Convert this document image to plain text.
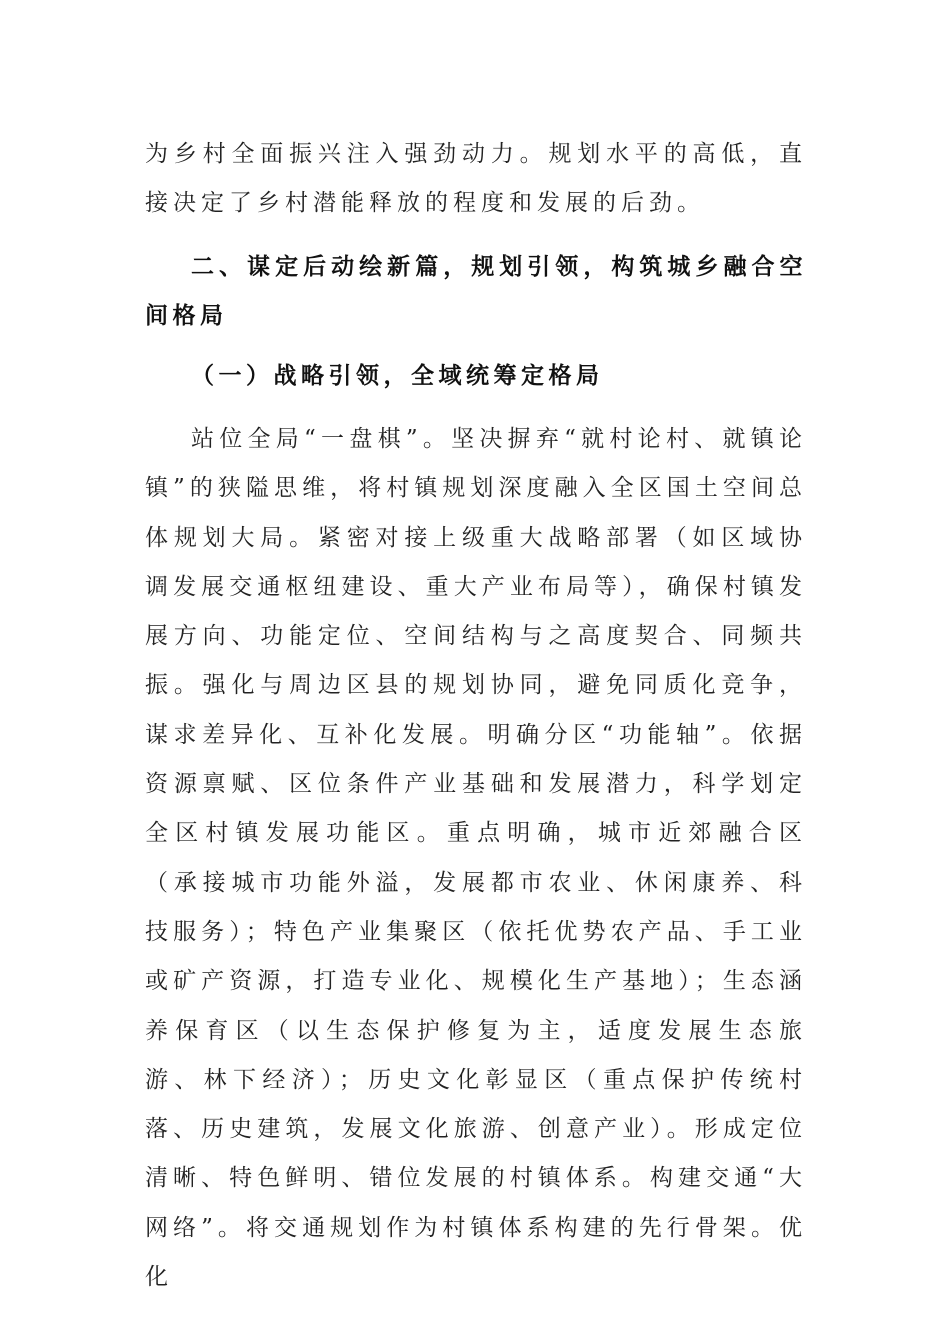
为乡村全面振兴注入强劲动力。规划水平的高低，直接决定了乡村潜能释放的程度和发展的后劲。

二、谋定后动绘新篇，规划引领，构筑城乡融合空间格局

（一）战略引领，全域统筹定格局

站位全局“一盘棋”。坚决摒弃“就村论村、就镇论镇”的狭隘思维，将村镇规划深度融入全区国土空间总体规划大局。紧密对接上级重大战略部署（如区域协调发展交通枢纽建设、重大产业布局等），确保村镇发展方向、功能定位、空间结构与之高度契合、同频共振。强化与周边区县的规划协同，避免同质化竞争，谋求差异化、互补化发展。明确分区“功能轴”。依据资源禀赋、区位条件产业基础和发展潜力，科学划定全区村镇发展功能区。重点明确，城市近郊融合区（承接城市功能外溢，发展都市农业、休闲康养、科技服务）；特色产业集聚区（依托优势农产品、手工业或矿产资源，打造专业化、规模化生产基地）；生态涵养保育区（以生态保护修复为主，适度发展生态旅游、林下经济）；历史文化彰显区（重点保护传统村落、历史建筑，发展文化旅游、创意产业）。形成定位清晰、特色鲜明、错位发展的村镇体系。构建交通“大网络”。将交通规划作为村镇体系构建的先行骨架。优化
